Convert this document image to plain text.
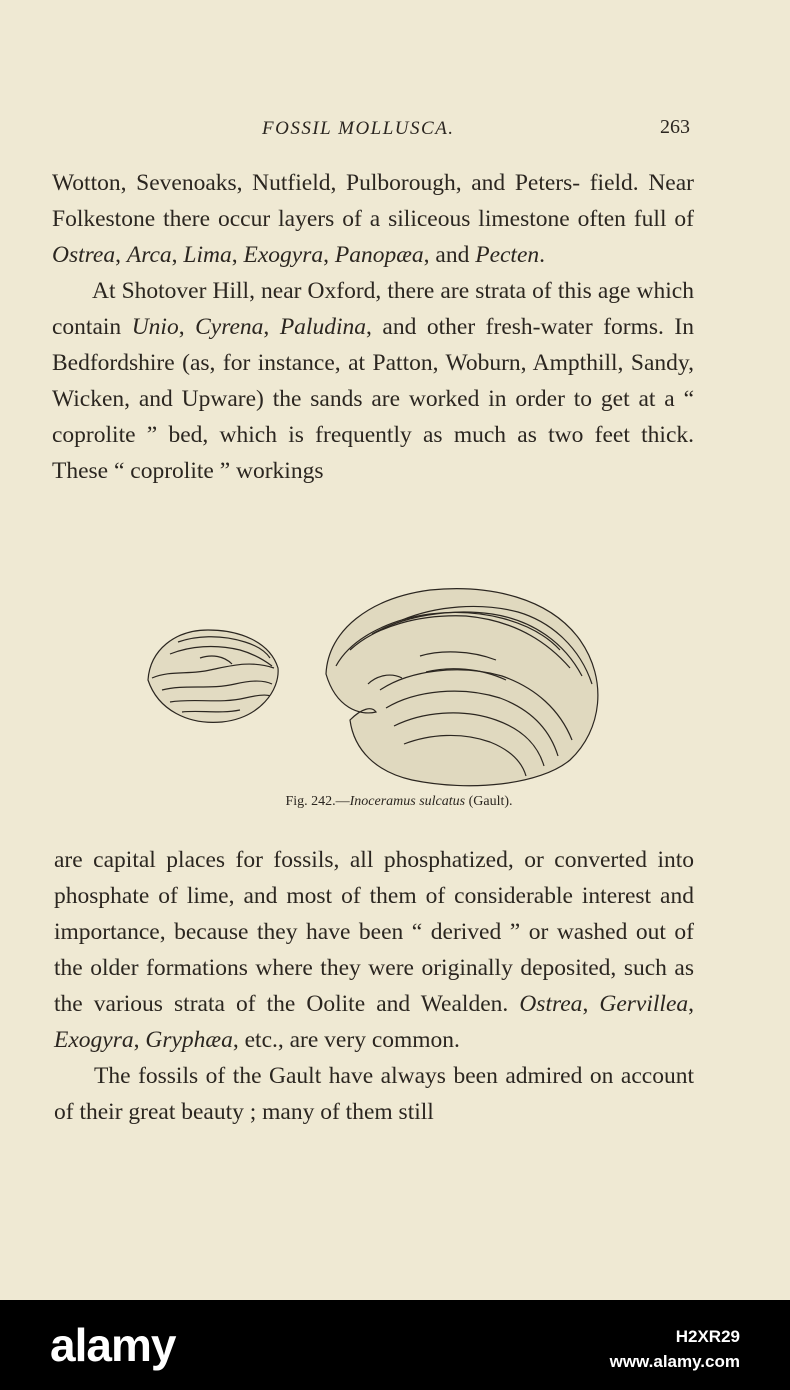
FOSSIL MOLLUSCA.	263

Wotton, Sevenoaks, Nutfield, Pulborough, and Peters- field. Near Folkestone there occur layers of a siliceous limestone often full of Ostrea, Arca, Lima, Exogyra, Panopæa, and Pecten.

At Shotover Hill, near Oxford, there are strata of this age which contain Unio, Cyrena, Paludina, and other fresh-water forms. In Bedfordshire (as, for instance, at Patton, Woburn, Ampthill, Sandy, Wicken, and Upware) the sands are worked in order to get at a “ coprolite ” bed, which is frequently as much as two feet thick. These “ coprolite ” workings

Fig. 242.—Inoceramus sulcatus (Gault).

are capital places for fossils, all phosphatized, or converted into phosphate of lime, and most of them of considerable interest and importance, because they have been “ derived ” or washed out of the older formations where they were originally deposited, such as the various strata of the Oolite and Wealden. Ostrea, Gervillea, Exogyra, Gryphæa, etc., are very common.

The fossils of the Gault have always been admired on account of their great beauty ; many of them still

alamy	H2XR29
www.alamy.com
